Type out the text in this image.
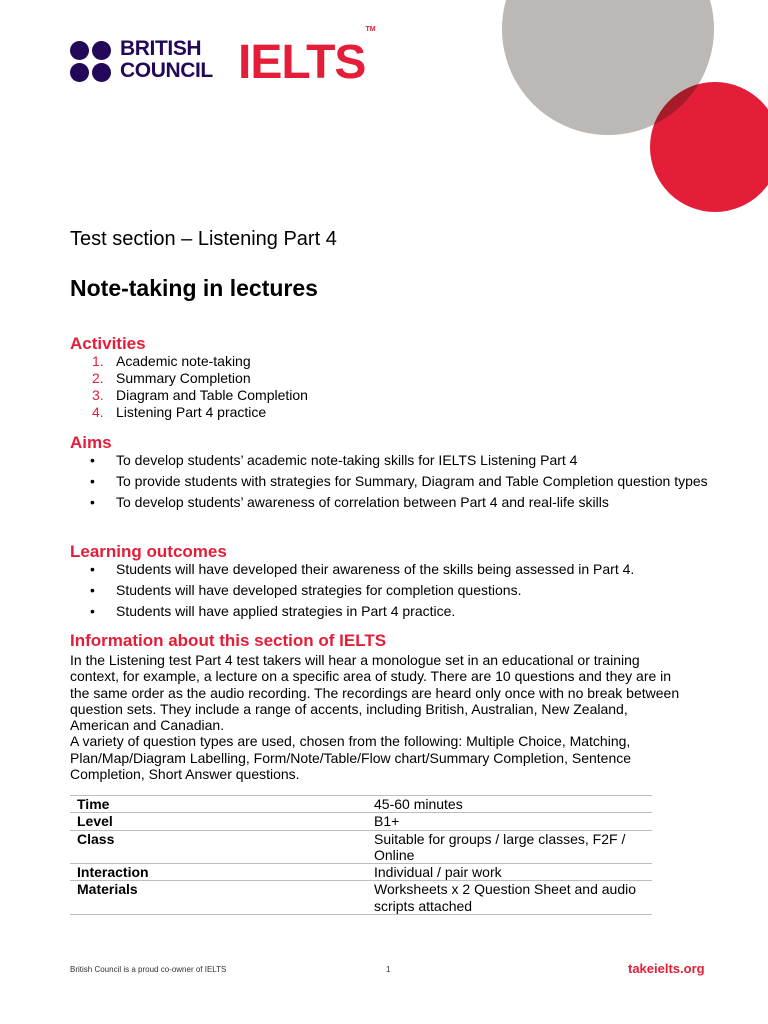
BRITISH
COUNCIL IELTS™
Test section – Listening Part 4
Note-taking in lectures
Activities
1. Academic note-taking
2. Summary Completion
3. Diagram and Table Completion
4. Listening Part 4 practice
Aims
• To develop students’ academic note-taking skills for IELTS Listening Part 4
• To provide students with strategies for Summary, Diagram and Table Completion question types
• To develop students’ awareness of correlation between Part 4 and real-life skills
Learning outcomes
• Students will have developed their awareness of the skills being assessed in Part 4.
• Students will have developed strategies for completion questions.
• Students will have applied strategies in Part 4 practice.
Information about this section of IELTS

In the Listening test Part 4 test takers will hear a monologue set in an educational or training context, for example, a lecture on a specific area of study. There are 10 questions and they are in the same order as the audio recording. The recordings are heard only once with no break between question sets. They include a range of accents, including British, Australian, New Zealand, American and Canadian.

A variety of question types are used, chosen from the following: Multiple Choice, Matching, Plan/Map/Diagram Labelling, Form/Note/Table/Flow chart/Summary Completion, Sentence Completion, Short Answer questions.

Time	45-60 minutes
Level	B1+
Class	Suitable for groups / large classes, F2F / Online
Interaction	Individual / pair work
Materials	Worksheets x 2 Question Sheet and audio scripts attached
British Council is a proud co-owner of IELTS	1	takeielts.org
